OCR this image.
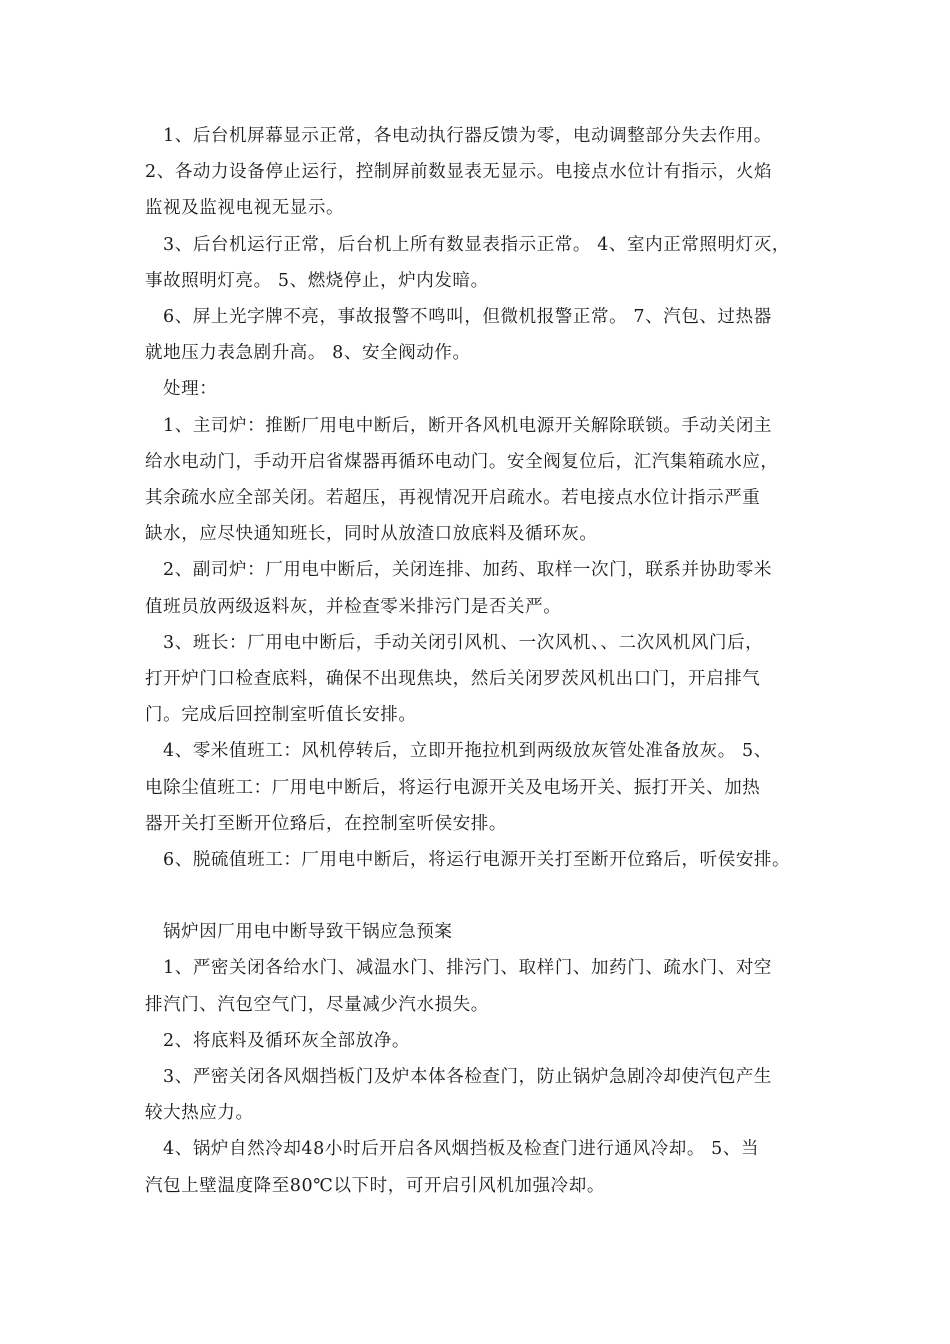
1、后台机屏幕显示正常，各电动执行器反馈为零，电动调整部分失去作用。

2、各动力设备停止运行，控制屏前数显表无显示。电接点水位计有指示，火焰

监视及监视电视无显示。

3、后台机运行正常，后台机上所有数显表指示正常。 4、室内正常照明灯灭，

事故照明灯亮。 5、燃烧停止，炉内发暗。

6、屏上光字牌不亮，事故报警不鸣叫，但微机报警正常。 7、汽包、过热器

就地压力表急剧升高。 8、安全阀动作。

处理：

1、主司炉：推断厂用电中断后，断开各风机电源开关解除联锁。手动关闭主

给水电动门，手动开启省煤器再循环电动门。安全阀复位后，汇汽集箱疏水应，

其余疏水应全部关闭。若超压，再视情况开启疏水。若电接点水位计指示严重

缺水，应尽快通知班长，同时从放渣口放底料及循环灰。

2、副司炉：厂用电中断后，关闭连排、加药、取样一次门，联系并协助零米

值班员放两级返料灰，并检查零米排污门是否关严。

3、班长：厂用电中断后，手动关闭引风机、一次风机、、二次风机风门后，

打开炉门口检查底料，确保不出现焦块，然后关闭罗茨风机出口门，开启排气

门。完成后回控制室听值长安排。

4、零米值班工：风机停转后，立即开拖拉机到两级放灰管处准备放灰。 5、

电除尘值班工：厂用电中断后，将运行电源开关及电场开关、振打开关、加热

器开关打至断开位臵后，在控制室听侯安排。

6、脱硫值班工：厂用电中断后，将运行电源开关打至断开位臵后，听侯安排。

锅炉因厂用电中断导致干锅应急预案

1、严密关闭各给水门、减温水门、排污门、取样门、加药门、疏水门、对空

排汽门、汽包空气门，尽量减少汽水损失。

2、将底料及循环灰全部放净。

3、严密关闭各风烟挡板门及炉本体各检查门，防止锅炉急剧冷却使汽包产生

较大热应力。

4、锅炉自然冷却48小时后开启各风烟挡板及检查门进行通风冷却。 5、当

汽包上壁温度降至80℃以下时，可开启引风机加强冷却。
